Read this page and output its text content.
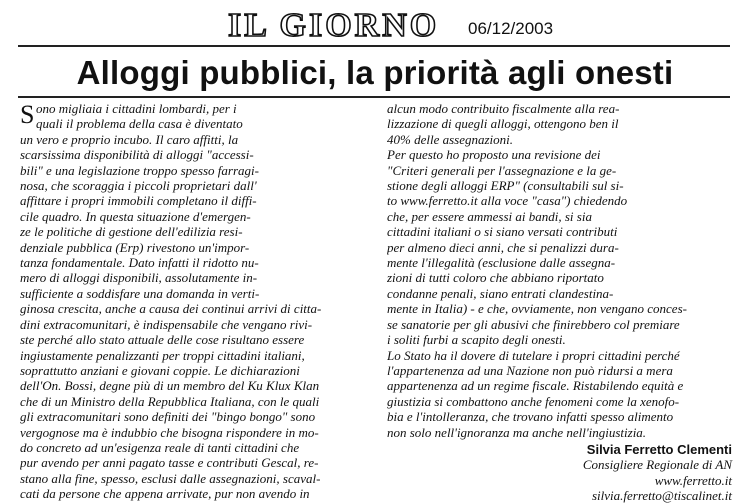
IL GIORNO 06/12/2003
Alloggi pubblici, la priorità agli onesti
S ono migliaia i cittadini lombardi, per i
quali il problema della casa è diventato
un vero e proprio incubo. Il caro affitti, la
scarsissima disponibilità di alloggi "accessi-
bili" e una legislazione troppo spesso farragi-
nosa, che scoraggia i piccoli proprietari dall'
affittare i propri immobili completano il diffi-
cile quadro. In questa situazione d'emergen-
ze le politiche di gestione dell'edilizia resi-
denziale pubblica (Erp) rivestono un'impor-
tanza fondamentale. Dato infatti il ridotto nu-
mero di alloggi disponibili, assolutamente in-
sufficiente a soddisfare una domanda in verti-
ginosa crescita, anche a causa dei continui arrivi di citta-
dini extracomunitari, è indispensabile che vengano rivi-
ste perché allo stato attuale delle cose risultano essere
ingiustamente penalizzanti per troppi cittadini italiani,
soprattutto anziani e giovani coppie. Le dichiarazioni
dell'On. Bossi, degne più di un membro del Ku Klux Klan
che di un Ministro della Repubblica Italiana, con le quali
gli extracomunitari sono definiti dei "bingo bongo" sono
vergognose ma è indubbio che bisogna rispondere in mo-
do concreto ad un'esigenza reale di tanti cittadini che
pur avendo per anni pagato tasse e contributi Gescal, re-
stano alla fine, spesso, esclusi dalle assegnazioni, scaval-
cati da persone che appena arrivate, pur non avendo in
alcun modo contribuito fiscalmente alla rea-
lizzazione di quegli alloggi, ottengono ben il
40% delle assegnazioni.
Per questo ho proposto una revisione dei
"Criteri generali per l'assegnazione e la ge-
stione degli alloggi ERP" (consultabili sul si-
to www.ferretto.it alla voce "casa") chiedendo
che, per essere ammessi ai bandi, si sia
cittadini italiani o si siano versati contributi
per almeno dieci anni, che si penalizzi dura-
mente l'illegalità (esclusione dalle assegna-
zioni di tutti coloro che abbiano riportato
condanne penali, siano entrati clandestina-
mente in Italia) - e che, ovviamente, non vengano conces-
se sanatorie per gli abusivi che finirebbero col premiare
i soliti furbi a scapito degli onesti.
Lo Stato ha il dovere di tutelare i propri cittadini perché
l'appartenenza ad una Nazione non può ridursi a mera
appartenenza ad un regime fiscale. Ristabilendo equità e
giustizia si combattono anche fenomeni come la xenofo-
bia e l'intolleranza, che trovano infatti spesso alimento
non solo nell'ignoranza ma anche nell'ingiustizia.
Silvia Ferretto Clementi
Consigliere Regionale di AN
www.ferretto.it
silvia.ferretto@tiscalinet.it
